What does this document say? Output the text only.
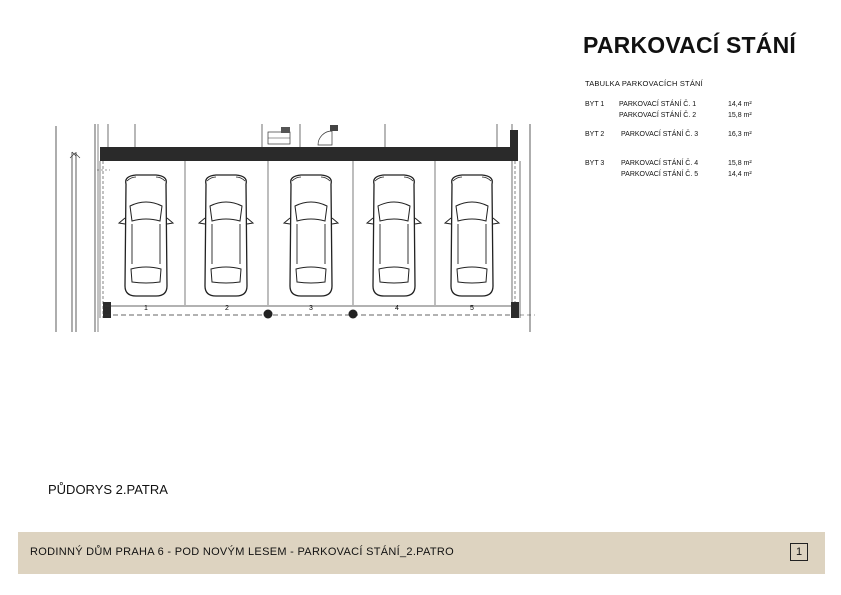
PARKOVACÍ STÁNÍ
TABULKA PARKOVACÍCH STÁNÍ
BYT 1	PARKOVACÍ STÁNÍ Č. 1	14,4 m²
PARKOVACÍ STÁNÍ Č. 2	15,8 m²
BYT 2	PARKOVACÍ STÁNÍ Č. 3	16,3 m²
BYT 3	PARKOVACÍ STÁNÍ Č. 4	15,8 m²
PARKOVACÍ STÁNÍ Č. 5	14,4 m²
1	2	3	4	5
PŮDORYS 2.PATRA
RODINNÝ DŮM PRAHA 6 - POD NOVÝM LESEM - PARKOVACÍ STÁNÍ_2.PATRO	1
